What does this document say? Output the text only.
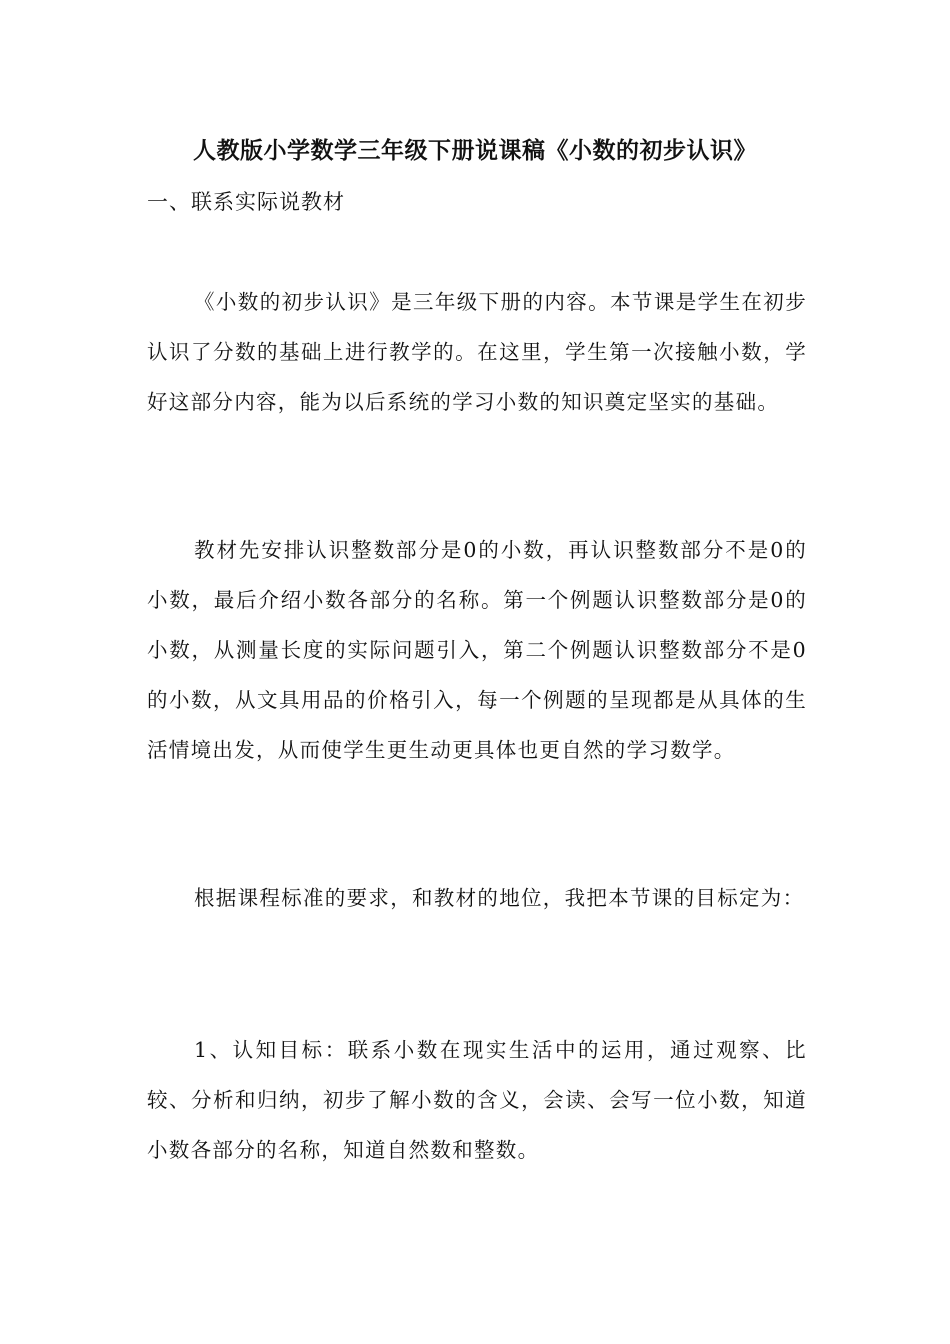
人教版小学数学三年级下册说课稿《小数的初步认识》
一、联系实际说教材

《小数的初步认识》是三年级下册的内容。本节课是学生在初步认识了分数的基础上进行教学的。在这里，学生第一次接触小数，学好这部分内容，能为以后系统的学习小数的知识奠定坚实的基础。

教材先安排认识整数部分是0的小数，再认识整数部分不是0的小数，最后介绍小数各部分的名称。第一个例题认识整数部分是0的小数，从测量长度的实际问题引入，第二个例题认识整数部分不是0的小数，从文具用品的价格引入，每一个例题的呈现都是从具体的生活情境出发，从而使学生更生动更具体也更自然的学习数学。

根据课程标准的要求，和教材的地位，我把本节课的目标定为：

1、认知目标：联系小数在现实生活中的运用，通过观察、比较、分析和归纳，初步了解小数的含义，会读、会写一位小数，知道小数各部分的名称，知道自然数和整数。
